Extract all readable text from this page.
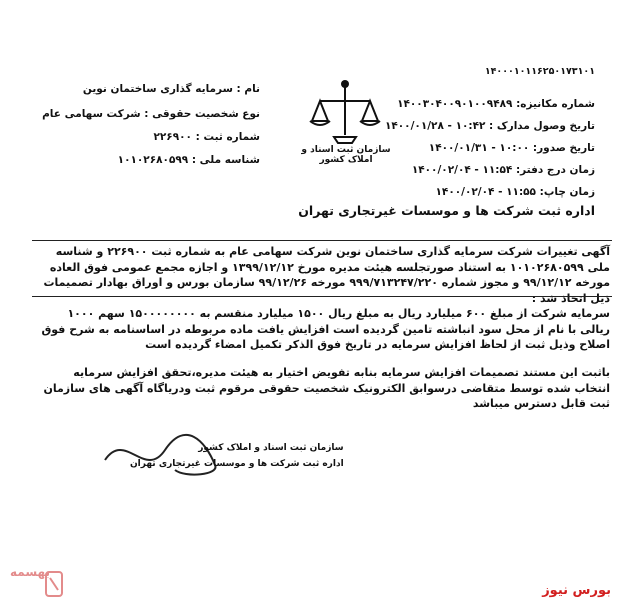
نام : سرمایه گذاری ساختمان نوین
نوع شخصیت حقوقی : شرکت سهامی عام
شماره ثبت : ۲۲۶۹۰۰
شناسه ملی : ۱۰۱۰۲۶۸۰۵۹۹
سازمان ثبت اسناد و املاک کشور
۱۴۰۰۰۱۰۱۱۶۲۵۰۱۷۳۱۰۱
شماره مکانیزه: ۱۴۰۰۳۰۴۰۰۹۰۱۰۰۹۴۸۹
تاریخ وصول مدارک : ۱۰:۴۲ - ۱۴۰۰/۰۱/۲۸
تاریخ صدور: ۱۰:۰۰ - ۱۴۰۰/۰۱/۳۱
زمان درج دفتر: ۱۱:۵۴ - ۱۴۰۰/۰۲/۰۴
زمان چاپ: ۱۱:۵۵ - ۱۴۰۰/۰۲/۰۴
اداره ثبت شرکت ها و موسسات غیرتجاری تهران
آگهی تغییرات شرکت سرمایه گذاری ساختمان نوین شرکت سهامی عام به شماره ثبت ۲۲۶۹۰۰ و شناسه ملی ۱۰۱۰۲۶۸۰۵۹۹ به استناد صورتجلسه هیئت مدیره مورخ ۱۳۹۹/۱۲/۱۲ و اجازه مجمع عمومی فوق العاده مورخه ۹۹/۱۲/۱۲ و مجوز شماره ۹۹۹/۷۱۳۲۴۷/۲۲۰ مورخه ۹۹/۱۲/۲۶ سازمان بورس و اوراق بهادار تصمیمات ذیل اتخاذ شد :
سرمایه شرکت از مبلغ ۶۰۰ میلیارد ریال به مبلغ ریال ۱۵۰۰ میلیارد منقسم به ۱۵۰۰۰۰۰۰۰۰ سهم ۱۰۰۰ ریالی با نام از محل سود انباشته تامین گردیده است افزایش یافت ماده مربوطه در اساسنامه به شرح فوق اصلاح وذیل ثبت از لحاظ افزایش سرمایه در تاریخ فوق الذکر تکمیل امضاء گردیده است
باثبت این مستند تصمیمات افزایش سرمایه بنابه تفویض اختیار به هیئت مدیره،تحقق افزایش سرمایه انتخاب شده توسط متقاضی درسوابق الکترونیک شخصیت حقوقی مرقوم ثبت ودریاگاه آگهی های سازمان ثبت قابل دسترس میباشد
سازمان ثبت اسناد و املاک کشور
اداره ثبت شرکت ها و موسسات غیرتجاری تهران
بهسمه
بورس نیوز
